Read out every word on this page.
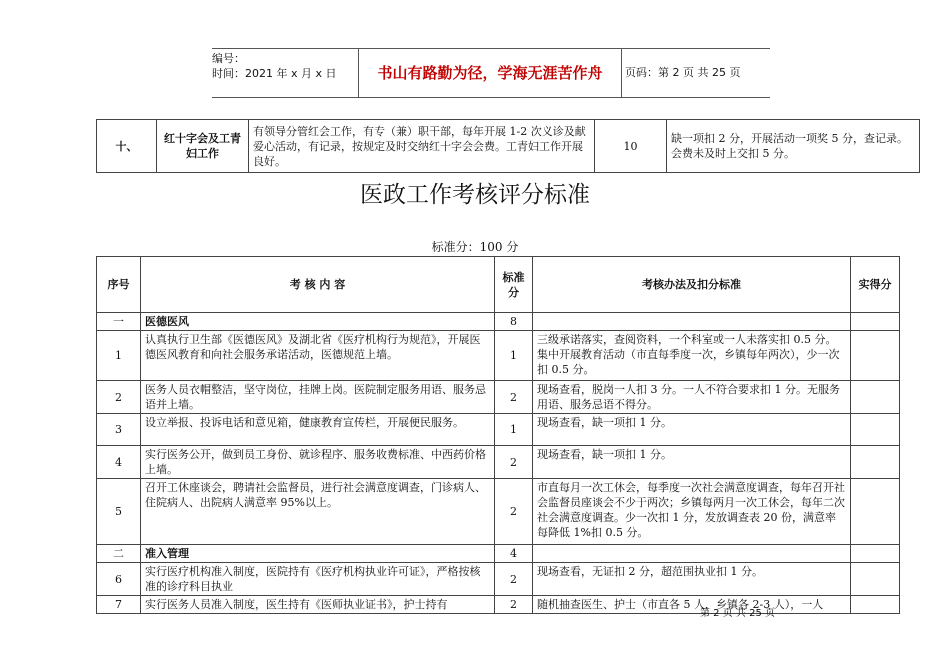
编号：
时间：2021 年 x 月 x 日	书山有路勤为径，学海无涯苦作舟	页码：第 2 页 共 25 页
十、	红十字会及工青妇工作	有领导分管红会工作，有专（兼）职干部，每年开展 1-2 次义诊及献爱心活动，有记录，按规定及时交纳红十字会会费。工青妇工作开展良好。	10	缺一项扣 2 分，开展活动一项奖 5 分，查记录。会费未及时上交扣 5 分。
医政工作考核评分标准
标准分：100 分
序号	考 核 内 容	标准分	考核办法及扣分标准	实得分
一	医德医风	8		
1	认真执行卫生部《医德医风》及湖北省《医疗机构行为规范》，开展医德医风教育和向社会服务承诺活动，医德规范上墙。	1	三级承诺落实，查阅资料，一个科室或一人未落实扣 0.5 分。集中开展教育活动（市直每季度一次，乡镇每年两次），少一次扣 0.5 分。	
2	医务人员衣帽整洁，坚守岗位，挂牌上岗。医院制定服务用语、服务忌语并上墙。	2	现场查看，脱岗一人扣 3 分。一人不符合要求扣 1 分。无服务用语、服务忌语不得分。	
3	设立举报、投诉电话和意见箱，健康教育宣传栏，开展便民服务。	1	现场查看，缺一项扣 1 分。	
4	实行医务公开，做到员工身份、就诊程序、服务收费标准、中西药价格上墙。	2	现场查看，缺一项扣 1 分。	
5	召开工休座谈会，聘请社会监督员，进行社会满意度调查，门诊病人、住院病人、出院病人满意率 95%以上。	2	市直每月一次工休会，每季度一次社会满意度调查，每年召开社会监督员座谈会不少于两次；乡镇每两月一次工休会，每年二次社会满意度调查。少一次扣 1 分，发放调查表 20 份，满意率每降低 1%扣 0.5 分。	
二	准入管理	4		
6	实行医疗机构准入制度，医院持有《医疗机构执业许可证》，严格按核准的诊疗科目执业	2	现场查看，无证扣 2 分，超范围执业扣 1 分。	
7	实行医务人员准入制度，医生持有《医师执业证书》，护士持有	2	随机抽查医生、护士（市直各 5 人，乡镇各 2-3 人），一人	
第 2 页 共 25 页
